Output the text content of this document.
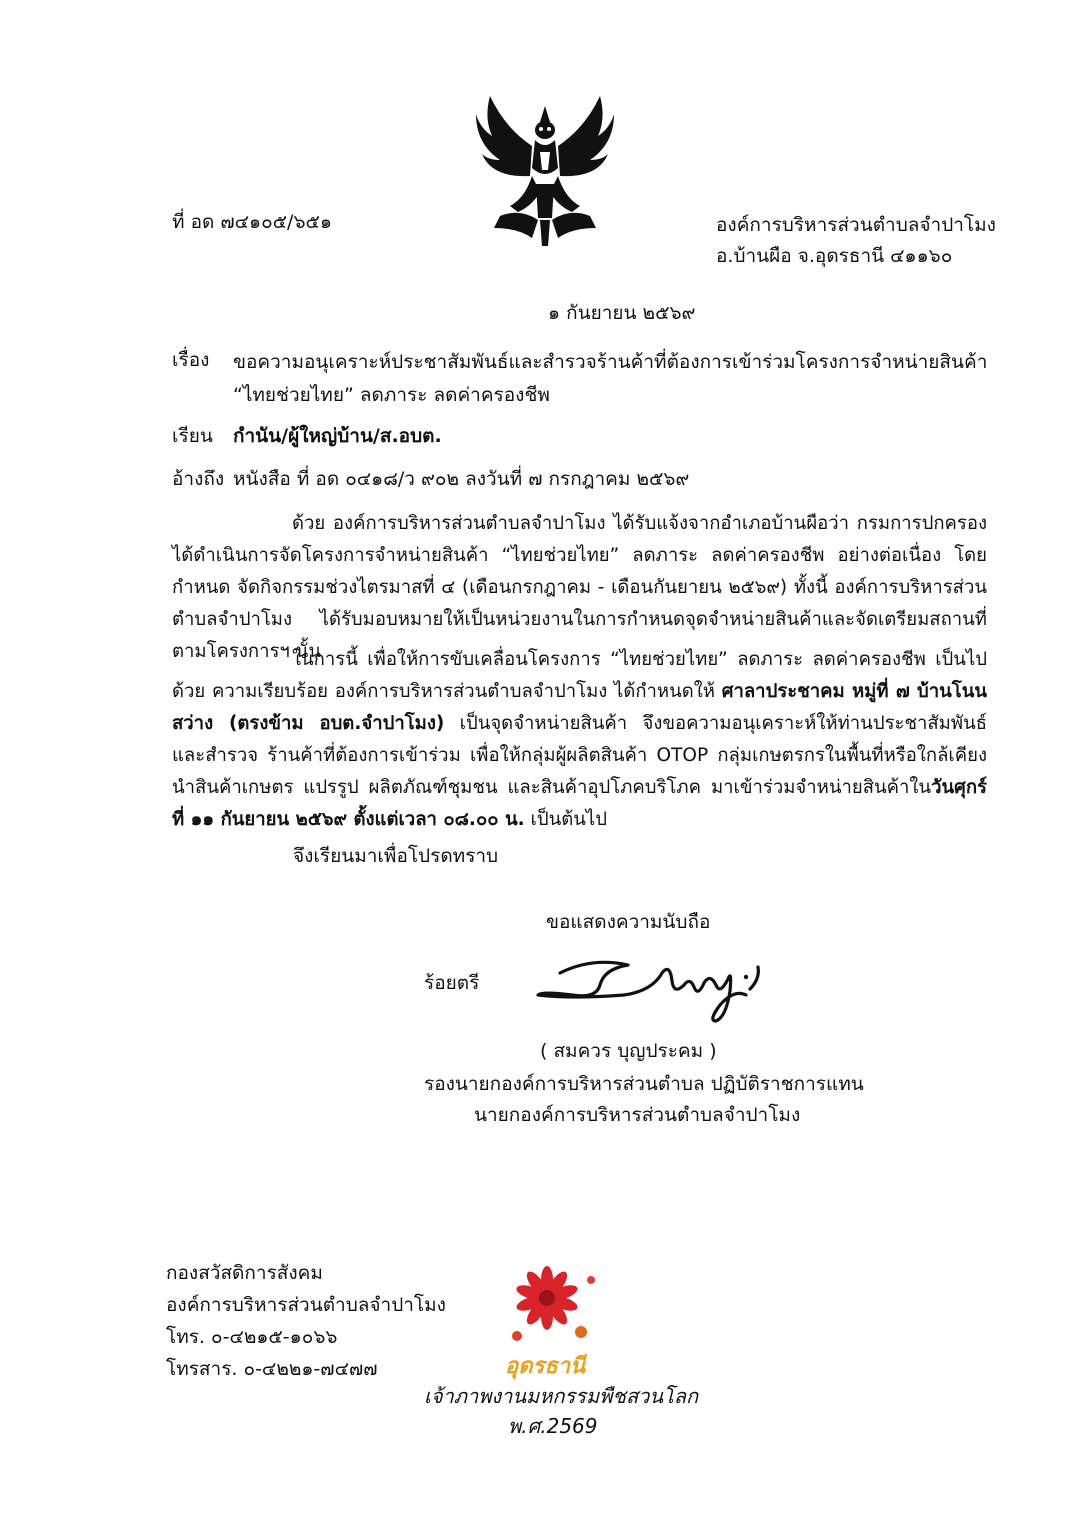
ที่ อด ๗๔๑๐๕/๖๕๑	องค์การบริหารส่วนตำบลจำปาโมง
อ.บ้านผือ จ.อุดรธานี ๔๑๑๖๐
๑ กันยายน ๒๕๖๙
เรื่อง ขอความอนุเคราะห์ประชาสัมพันธ์และสำรวจร้านค้าที่ต้องการเข้าร่วมโครงการจำหน่ายสินค้า
“ไทยช่วยไทย” ลดภาระ ลดค่าครองชีพ
เรียน กำนัน/ผู้ใหญ่บ้าน/ส.อบต.
อ้างถึง หนังสือ ที่ อด ๐๔๑๘/ว ๙๐๒ ลงวันที่ ๗ กรกฎาคม ๒๕๖๙
ด้วย องค์การบริหารส่วนตำบลจำปาโมง ได้รับแจ้งจากอำเภอบ้านผือว่า กรมการปกครอง ได้ดำเนินการจัดโครงการจำหน่ายสินค้า “ไทยช่วยไทย” ลดภาระ ลดค่าครองชีพ อย่างต่อเนื่อง โดยกำหนด จัดกิจกรรมช่วงไตรมาสที่ ๔ (เดือนกรกฎาคม - เดือนกันยายน ๒๕๖๙) ทั้งนี้ องค์การบริหารส่วนตำบลจำปาโมง ได้รับมอบหมายให้เป็นหน่วยงานในการกำหนดจุดจำหน่ายสินค้าและจัดเตรียมสถานที่ ตามโครงการฯ นั้น
ในการนี้ เพื่อให้การขับเคลื่อนโครงการ “ไทยช่วยไทย” ลดภาระ ลดค่าครองชีพ เป็นไปด้วย ความเรียบร้อย องค์การบริหารส่วนตำบลจำปาโมง ได้กำหนดให้ ศาลาประชาคม หมู่ที่ ๗ บ้านโนนสว่าง (ตรงข้าม อบต.จำปาโมง) เป็นจุดจำหน่ายสินค้า จึงขอความอนุเคราะห์ให้ท่านประชาสัมพันธ์ และสำรวจ ร้านค้าที่ต้องการเข้าร่วม เพื่อให้กลุ่มผู้ผลิตสินค้า OTOP กลุ่มเกษตรกรในพื้นที่หรือใกล้เคียง นำสินค้าเกษตร แปรรูป ผลิตภัณฑ์ชุมชน และสินค้าอุปโภคบริโภค มาเข้าร่วมจำหน่ายสินค้าในวันศุกร์ ที่ ๑๑ กันยายน ๒๕๖๙ ตั้งแต่เวลา ๐๘.๐๐ น. เป็นต้นไป
จึงเรียนมาเพื่อโปรดทราบ
ขอแสดงความนับถือ
ร้อยตรี
( สมควร บุญประคม )
รองนายกองค์การบริหารส่วนตำบล ปฏิบัติราชการแทน
นายกองค์การบริหารส่วนตำบลจำปาโมง
กองสวัสดิการสังคม
องค์การบริหารส่วนตำบลจำปาโมง
โทร. ๐-๔๒๑๕-๑๐๖๖
โทรสาร. ๐-๔๒๒๑-๗๔๗๗	อุดรธานี
เจ้าภาพงานมหกรรมพืชสวนโลก
พ.ศ.2569
